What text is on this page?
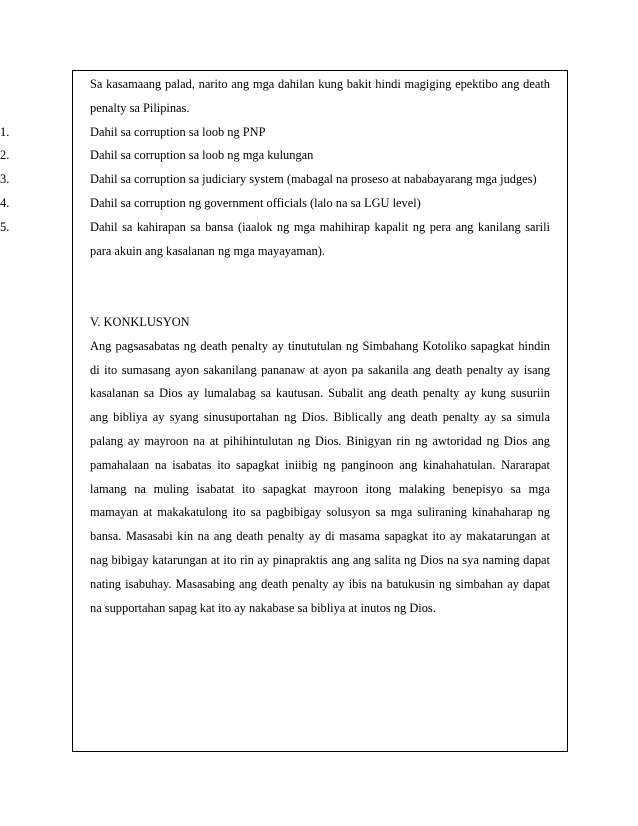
Sa kasamaang palad, narito ang mga dahilan kung bakit hindi magiging epektibo ang death
penalty sa Pilipinas.
1.	Dahil sa corruption sa loob ng PNP
2.	Dahil sa corruption sa loob ng mga kulungan
3.	Dahil sa corruption sa judiciary system (mabagal na proseso at nababayarang mga judges)
4.	Dahil sa corruption ng government officials (lalo na sa LGU level)
5.	Dahil sa kahirapan sa bansa (iaalok ng mga mahihirap kapalit ng pera ang kanilang sarili
para akuin ang kasalanan ng mga mayayaman).
V. KONKLUSYON
Ang pagsasabatas ng death penalty ay tinututulan ng Simbahang Kotoliko sapagkat hindin
di ito sumasang ayon sakanilang pananaw at ayon pa sakanila ang death penalty ay isang
kasalanan sa Dios ay lumalabag sa kautusan. Subalit ang death penalty ay kung susuriin
ang bibliya ay syang sinusuportahan ng Dios. Biblically ang death penalty ay sa simula
palang ay mayroon na at pihihintulutan ng Dios. Binigyan rin ng awtoridad ng Dios ang
pamahalaan na isabatas ito sapagkat iniibig ng panginoon ang kinahahatulan. Nararapat
lamang na muling isabatat ito sapagkat mayroon itong malaking benepisyo sa mga
mamayan at makakatulong ito sa pagbibigay solusyon sa mga suliraning kinahaharap ng
bansa. Masasabi kin na ang death penalty ay di masama sapagkat ito ay makatarungan at
nag bibigay katarungan at ito rin ay pinapraktis ang ang salita ng Dios na sya naming dapat
nating isabuhay. Masasabing ang death penalty ay ibis na batukusin ng simbahan ay dapat
na supportahan sapag kat ito ay nakabase sa bibliya at inutos ng Dios.
